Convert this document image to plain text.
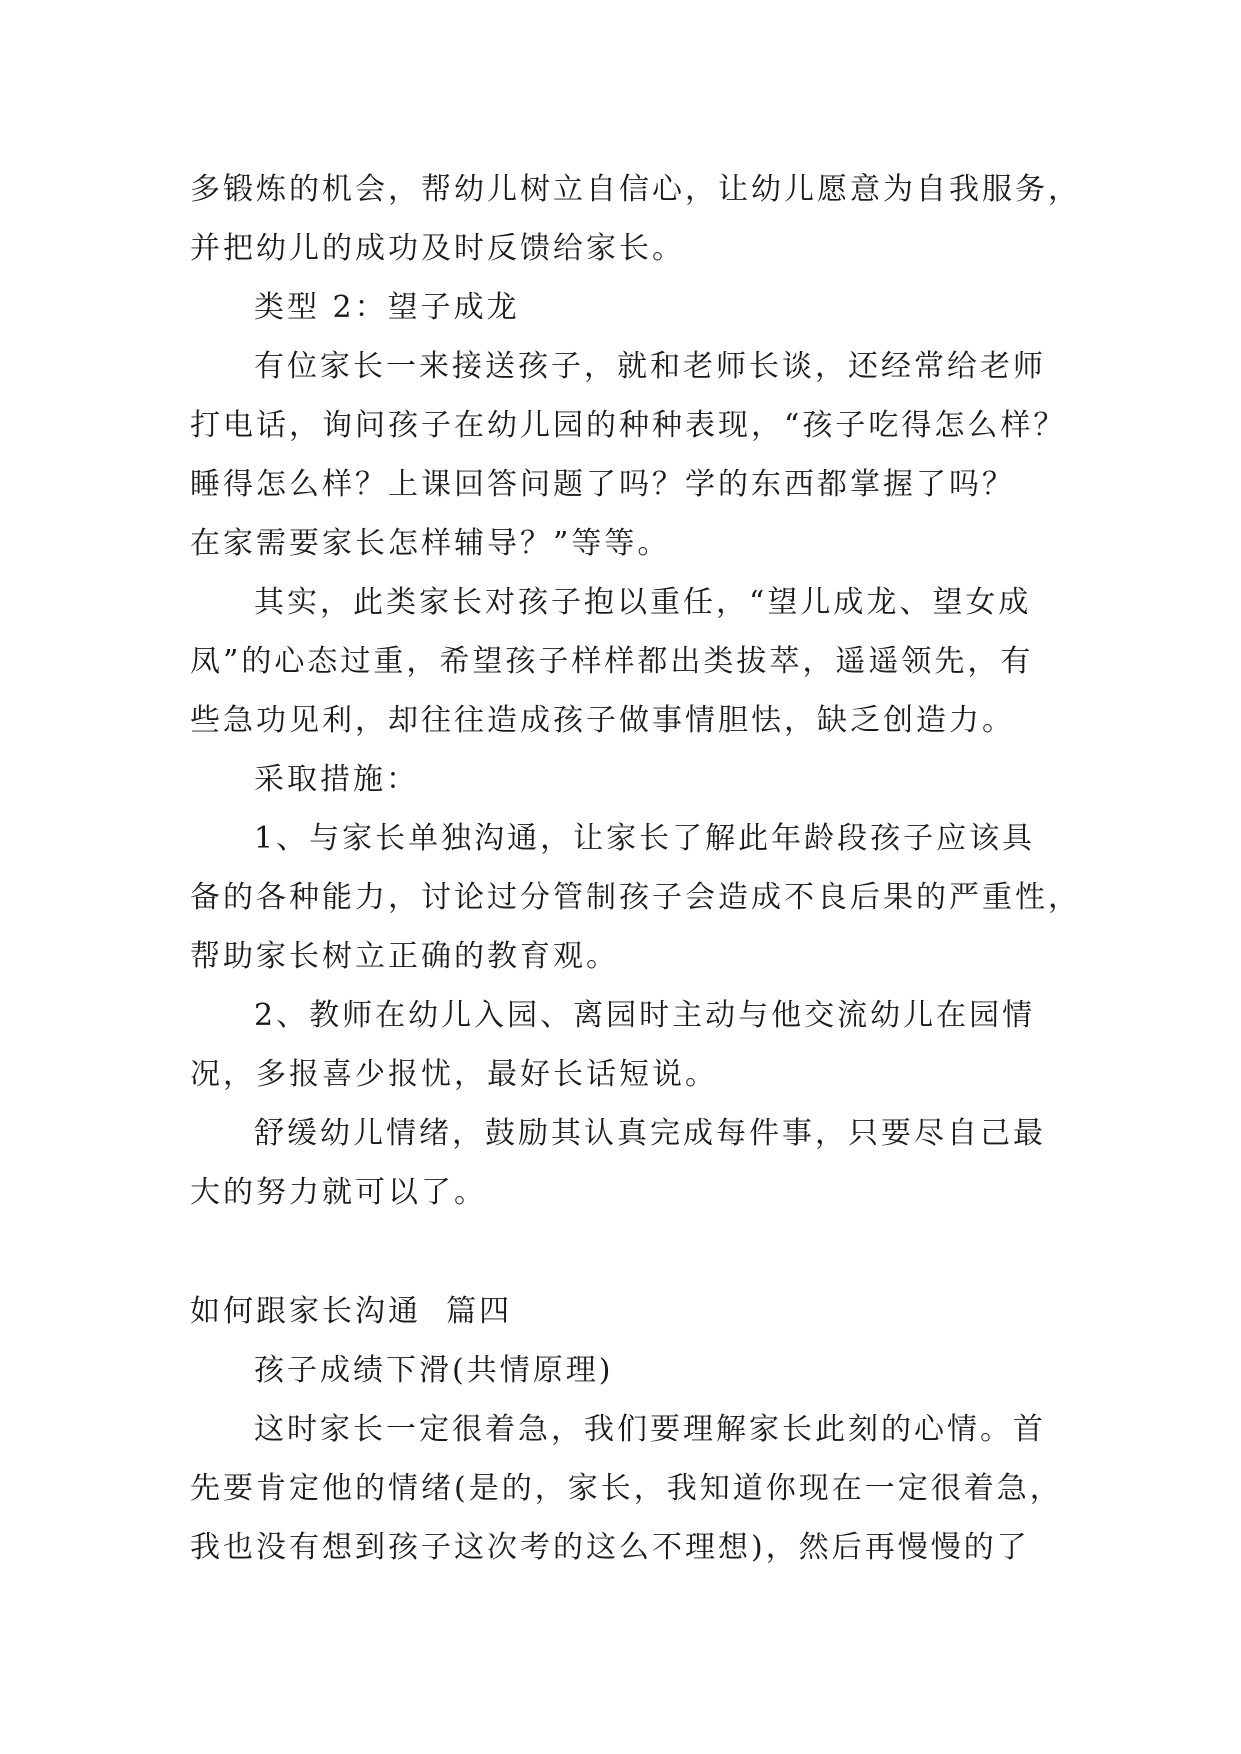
多锻炼的机会，帮幼儿树立自信心，让幼儿愿意为自我服务，

并把幼儿的成功及时反馈给家长。

类型 2：望子成龙

有位家长一来接送孩子，就和老师长谈，还经常给老师

打电话，询问孩子在幼儿园的种种表现，“孩子吃得怎么样？

睡得怎么样？上课回答问题了吗？学的东西都掌握了吗？

在家需要家长怎样辅导？”等等。

其实，此类家长对孩子抱以重任，“望儿成龙、望女成

凤”的心态过重，希望孩子样样都出类拔萃，遥遥领先，有

些急功见利，却往往造成孩子做事情胆怯，缺乏创造力。

采取措施：

1、与家长单独沟通，让家长了解此年龄段孩子应该具

备的各种能力，讨论过分管制孩子会造成不良后果的严重性，

帮助家长树立正确的教育观。

2、教师在幼儿入园、离园时主动与他交流幼儿在园情

况，多报喜少报忧，最好长话短说。

舒缓幼儿情绪，鼓励其认真完成每件事，只要尽自己最

大的努力就可以了。

如何跟家长沟通  篇四

孩子成绩下滑(共情原理)

这时家长一定很着急，我们要理解家长此刻的心情。首

先要肯定他的情绪(是的，家长，我知道你现在一定很着急，

我也没有想到孩子这次考的这么不理想)，然后再慢慢的了
